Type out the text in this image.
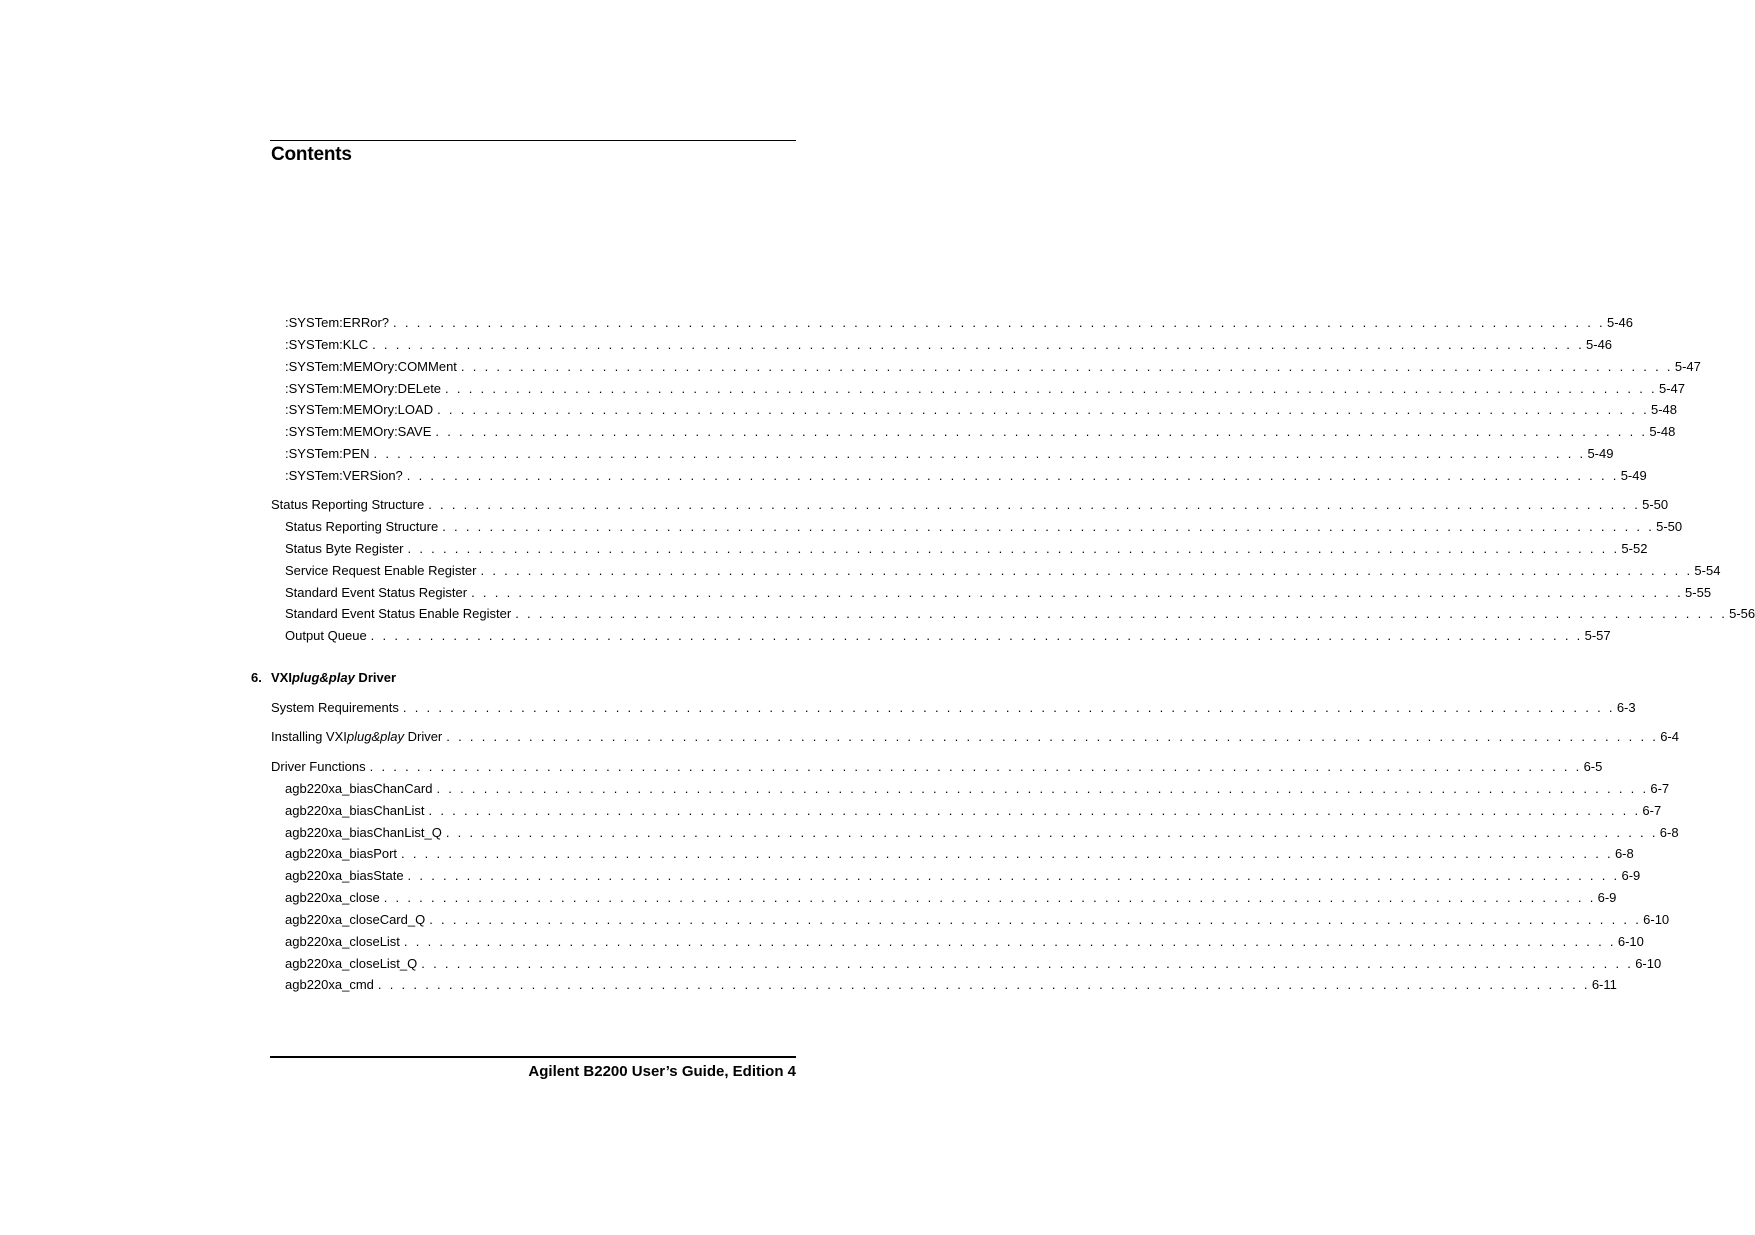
Contents
:SYSTem:ERRor? . . . . . . . . . . . . . . . . . . . . . . . . . . . . . . . . . . . . . . . . . . . . . . . . . . . . . . . . . . . . . . . . . . . . . . . . . . . . . . . . . . . . . . . . . . . . . . . . . . . . . . . 5-46
:SYSTem:KLC . . . . . . . . . . . . . . . . . . . . . . . . . . . . . . . . . . . . . . . . . . . . . . . . . . . . . . . . . . . . . . . . . . . . . . . . . . . . . . . . . . . . . . . . . . . . . . . . . . . . . . . 5-46
:SYSTem:MEMOry:COMMent . . . . . . . . . . . . . . . . . . . . . . . . . . . . . . . . . . . . . . . . . . . . . . . . . . . . . . . . . . . . . . . . . . . . . . . . . . . . . . . . . . . . . . . . . . . . . . . . . . . . . . . 5-47
:SYSTem:MEMOry:DELete . . . . . . . . . . . . . . . . . . . . . . . . . . . . . . . . . . . . . . . . . . . . . . . . . . . . . . . . . . . . . . . . . . . . . . . . . . . . . . . . . . . . . . . . . . . . . . . . . . . . . . . 5-47
:SYSTem:MEMOry:LOAD . . . . . . . . . . . . . . . . . . . . . . . . . . . . . . . . . . . . . . . . . . . . . . . . . . . . . . . . . . . . . . . . . . . . . . . . . . . . . . . . . . . . . . . . . . . . . . . . . . . . . . . 5-48
:SYSTem:MEMOry:SAVE . . . . . . . . . . . . . . . . . . . . . . . . . . . . . . . . . . . . . . . . . . . . . . . . . . . . . . . . . . . . . . . . . . . . . . . . . . . . . . . . . . . . . . . . . . . . . . . . . . . . . . . 5-48
:SYSTem:PEN . . . . . . . . . . . . . . . . . . . . . . . . . . . . . . . . . . . . . . . . . . . . . . . . . . . . . . . . . . . . . . . . . . . . . . . . . . . . . . . . . . . . . . . . . . . . . . . . . . . . . . . 5-49
:SYSTem:VERSion? . . . . . . . . . . . . . . . . . . . . . . . . . . . . . . . . . . . . . . . . . . . . . . . . . . . . . . . . . . . . . . . . . . . . . . . . . . . . . . . . . . . . . . . . . . . . . . . . . . . . . . . 5-49
Status Reporting Structure . . . . . . . . . . . . . . . . . . . . . . . . . . . . . . . . . . . . . . . . . . . . . . . . . . . . . . . . . . . . . . . . . . . . . . . . . . . . . . . . . . . . . . . . . . . . . . . . . . . . . . . 5-50
Status Reporting Structure . . . . . . . . . . . . . . . . . . . . . . . . . . . . . . . . . . . . . . . . . . . . . . . . . . . . . . . . . . . . . . . . . . . . . . . . . . . . . . . . . . . . . . . . . . . . . . . . . . . . . . . 5-50
Status Byte Register . . . . . . . . . . . . . . . . . . . . . . . . . . . . . . . . . . . . . . . . . . . . . . . . . . . . . . . . . . . . . . . . . . . . . . . . . . . . . . . . . . . . . . . . . . . . . . . . . . . . . . . 5-52
Service Request Enable Register . . . . . . . . . . . . . . . . . . . . . . . . . . . . . . . . . . . . . . . . . . . . . . . . . . . . . . . . . . . . . . . . . . . . . . . . . . . . . . . . . . . . . . . . . . . . . . . . . . . . . . . 5-54
Standard Event Status Register . . . . . . . . . . . . . . . . . . . . . . . . . . . . . . . . . . . . . . . . . . . . . . . . . . . . . . . . . . . . . . . . . . . . . . . . . . . . . . . . . . . . . . . . . . . . . . . . . . . . . . . 5-55
Standard Event Status Enable Register . . . . . . . . . . . . . . . . . . . . . . . . . . . . . . . . . . . . . . . . . . . . . . . . . . . . . . . . . . . . . . . . . . . . . . . . . . . . . . . . . . . . . . . . . . . . . . . . . . . . . . . 5-56
Output Queue . . . . . . . . . . . . . . . . . . . . . . . . . . . . . . . . . . . . . . . . . . . . . . . . . . . . . . . . . . . . . . . . . . . . . . . . . . . . . . . . . . . . . . . . . . . . . . . . . . . . . . . 5-57
6. VXIplug&play Driver
System Requirements . . . . . . . . . . . . . . . . . . . . . . . . . . . . . . . . . . . . . . . . . . . . . . . . . . . . . . . . . . . . . . . . . . . . . . . . . . . . . . . . . . . . . . . . . . . . . . . . . . . . . . . 6-3
Installing VXIplug&play Driver . . . . . . . . . . . . . . . . . . . . . . . . . . . . . . . . . . . . . . . . . . . . . . . . . . . . . . . . . . . . . . . . . . . . . . . . . . . . . . . . . . . . . . . . . . . . . . . . . . . . . . . 6-4
Driver Functions . . . . . . . . . . . . . . . . . . . . . . . . . . . . . . . . . . . . . . . . . . . . . . . . . . . . . . . . . . . . . . . . . . . . . . . . . . . . . . . . . . . . . . . . . . . . . . . . . . . . . . . 6-5
agb220xa_biasChanCard . . . . . . . . . . . . . . . . . . . . . . . . . . . . . . . . . . . . . . . . . . . . . . . . . . . . . . . . . . . . . . . . . . . . . . . . . . . . . . . . . . . . . . . . . . . . . . . . . . . . . . . 6-7
agb220xa_biasChanList . . . . . . . . . . . . . . . . . . . . . . . . . . . . . . . . . . . . . . . . . . . . . . . . . . . . . . . . . . . . . . . . . . . . . . . . . . . . . . . . . . . . . . . . . . . . . . . . . . . . . . . 6-7
agb220xa_biasChanList_Q . . . . . . . . . . . . . . . . . . . . . . . . . . . . . . . . . . . . . . . . . . . . . . . . . . . . . . . . . . . . . . . . . . . . . . . . . . . . . . . . . . . . . . . . . . . . . . . . . . . . . . . 6-8
agb220xa_biasPort . . . . . . . . . . . . . . . . . . . . . . . . . . . . . . . . . . . . . . . . . . . . . . . . . . . . . . . . . . . . . . . . . . . . . . . . . . . . . . . . . . . . . . . . . . . . . . . . . . . . . . . 6-8
agb220xa_biasState . . . . . . . . . . . . . . . . . . . . . . . . . . . . . . . . . . . . . . . . . . . . . . . . . . . . . . . . . . . . . . . . . . . . . . . . . . . . . . . . . . . . . . . . . . . . . . . . . . . . . . . 6-9
agb220xa_close . . . . . . . . . . . . . . . . . . . . . . . . . . . . . . . . . . . . . . . . . . . . . . . . . . . . . . . . . . . . . . . . . . . . . . . . . . . . . . . . . . . . . . . . . . . . . . . . . . . . . . . 6-9
agb220xa_closeCard_Q . . . . . . . . . . . . . . . . . . . . . . . . . . . . . . . . . . . . . . . . . . . . . . . . . . . . . . . . . . . . . . . . . . . . . . . . . . . . . . . . . . . . . . . . . . . . . . . . . . . . . . . 6-10
agb220xa_closeList . . . . . . . . . . . . . . . . . . . . . . . . . . . . . . . . . . . . . . . . . . . . . . . . . . . . . . . . . . . . . . . . . . . . . . . . . . . . . . . . . . . . . . . . . . . . . . . . . . . . . . . 6-10
agb220xa_closeList_Q . . . . . . . . . . . . . . . . . . . . . . . . . . . . . . . . . . . . . . . . . . . . . . . . . . . . . . . . . . . . . . . . . . . . . . . . . . . . . . . . . . . . . . . . . . . . . . . . . . . . . . . 6-10
agb220xa_cmd . . . . . . . . . . . . . . . . . . . . . . . . . . . . . . . . . . . . . . . . . . . . . . . . . . . . . . . . . . . . . . . . . . . . . . . . . . . . . . . . . . . . . . . . . . . . . . . . . . . . . . . 6-11
Agilent B2200 User’s Guide, Edition 4
